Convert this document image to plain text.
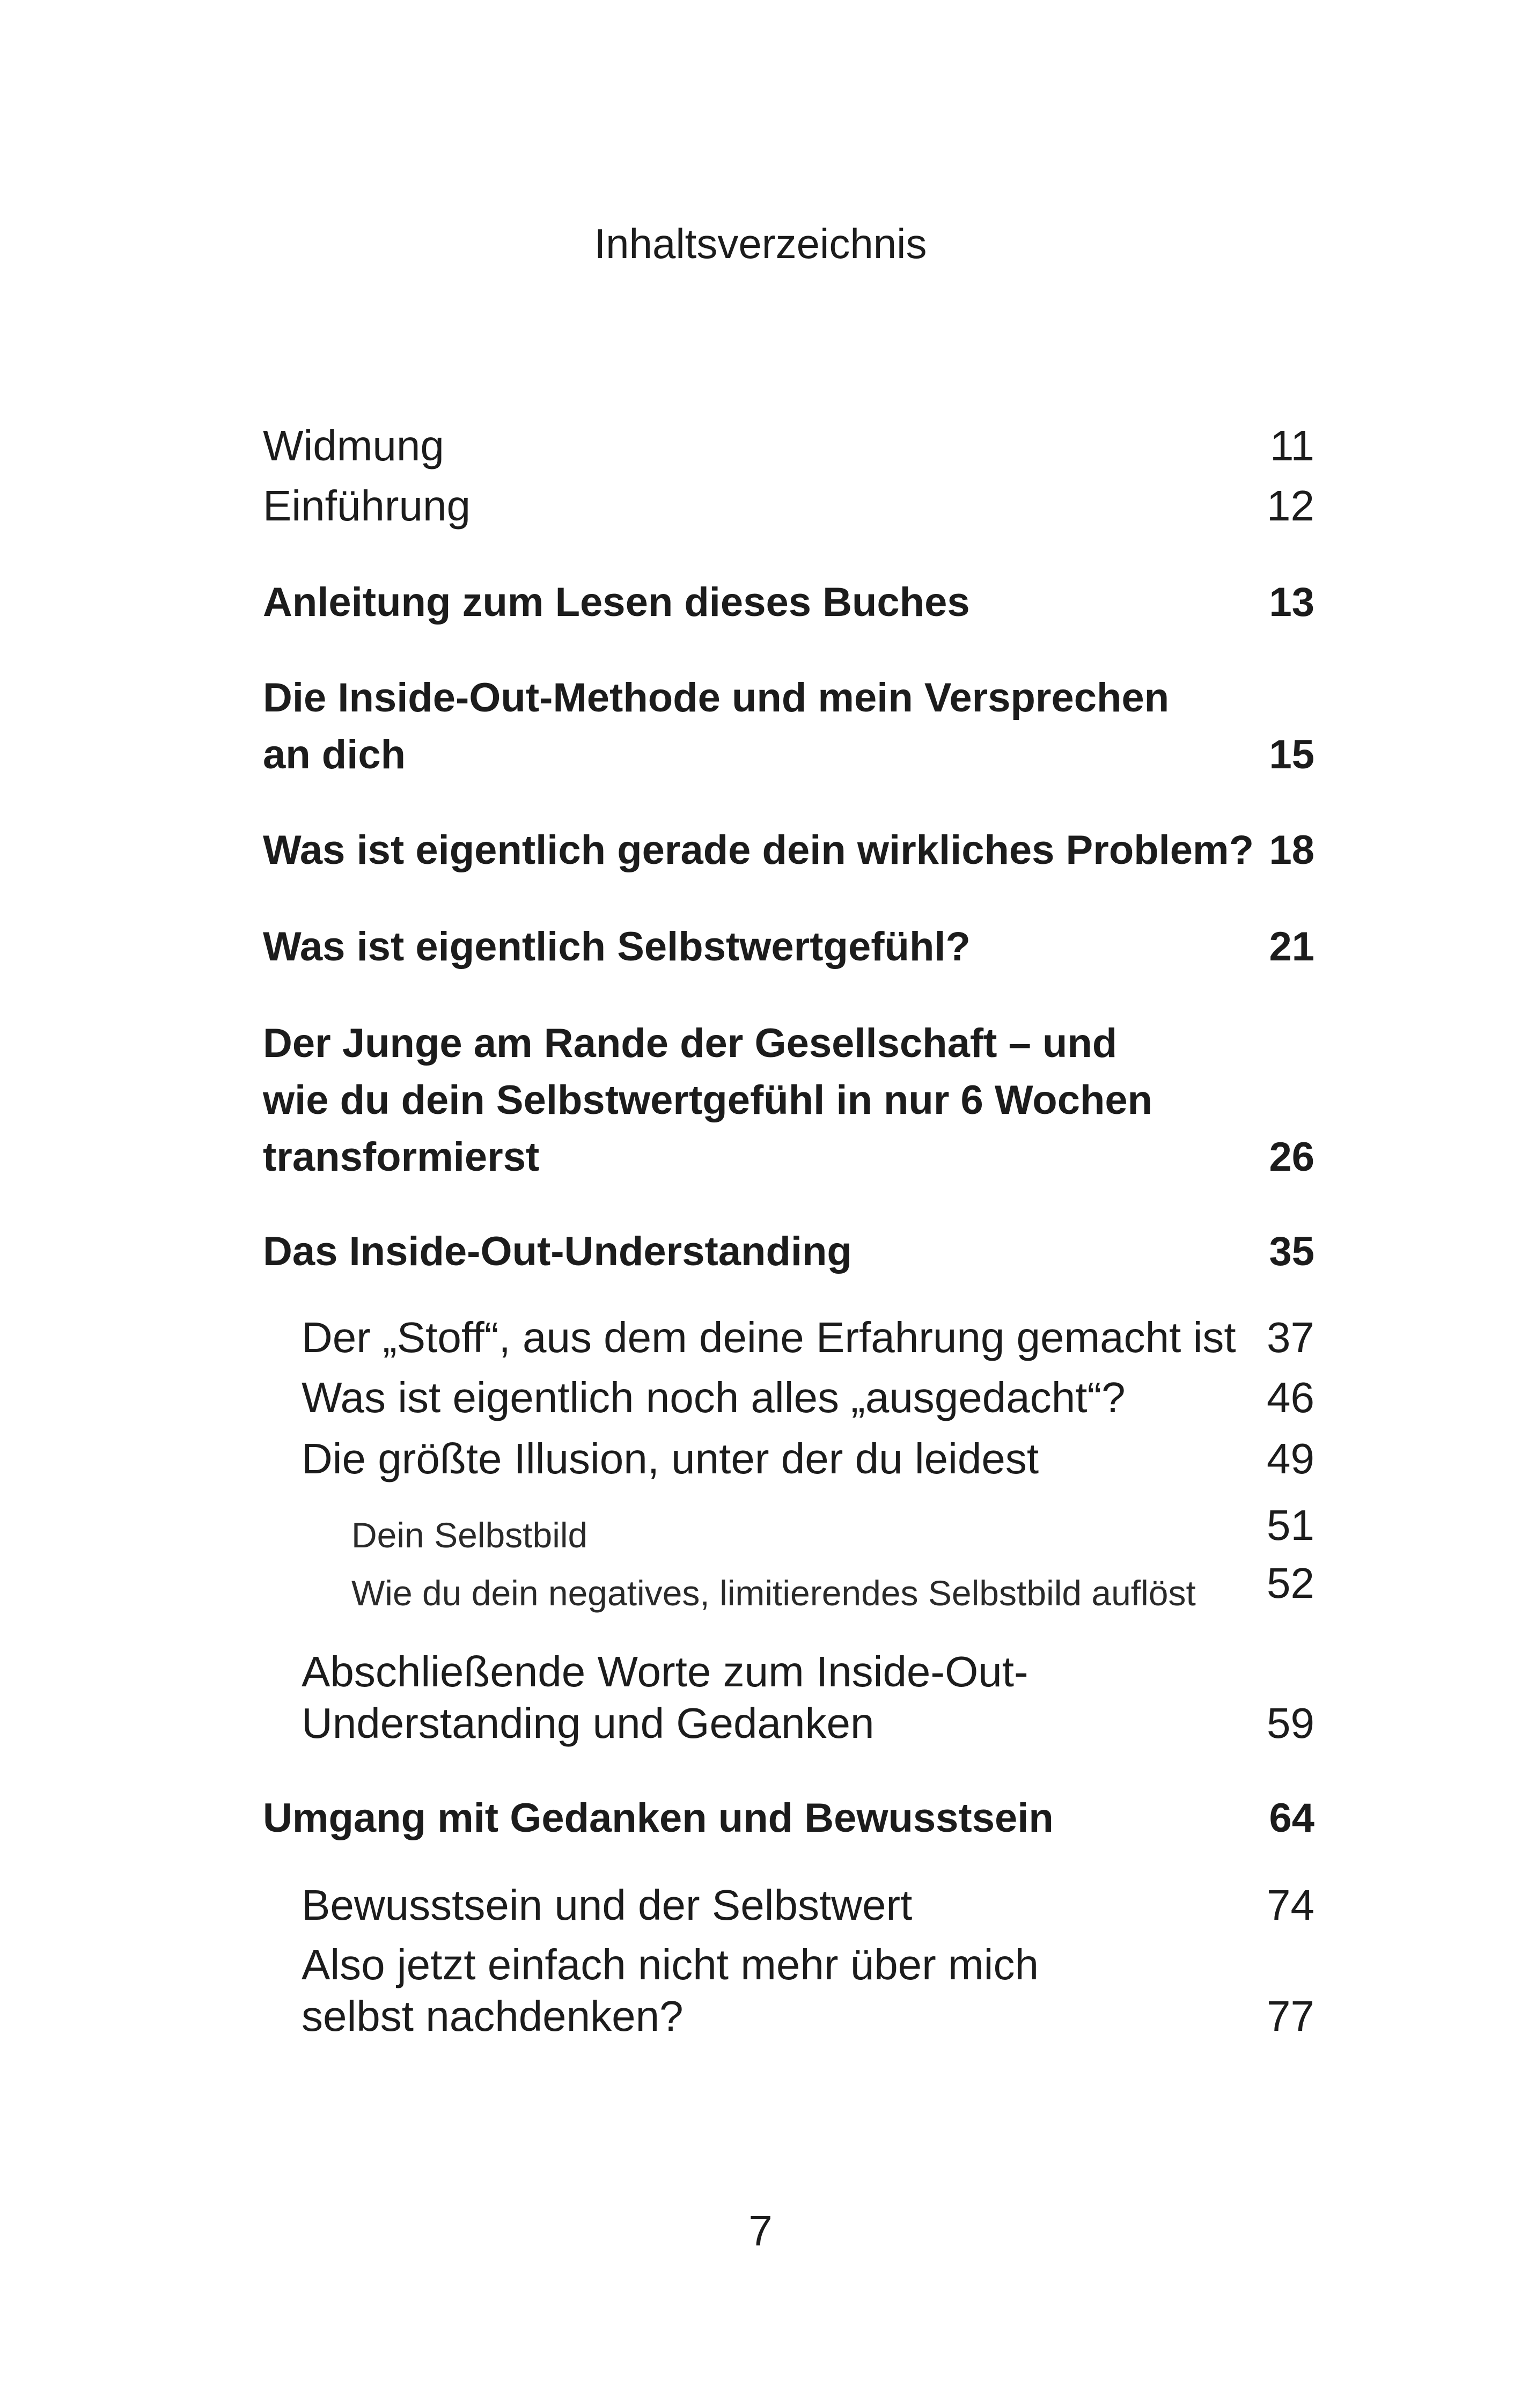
Inhaltsverzeichnis
Widmung	11
Einführung	12
Anleitung zum Lesen dieses Buches	13
Die Inside-Out-Methode und mein Versprechen
an dich	15
Was ist eigentlich gerade dein wirkliches Problem? 18
Was ist eigentlich Selbstwertgefühl?	21
Der Junge am Rande der Gesellschaft – und
wie du dein Selbstwertgefühl in nur 6 Wochen
transformierst	26
Das Inside-Out-Understanding	35
Der „Stoff“, aus dem deine Erfahrung gemacht ist 37
Was ist eigentlich noch alles „ausgedacht“?	46
Die größte Illusion, unter der du leidest	49
Dein Selbstbild	51
Wie du dein negatives, limitierendes Selbstbild auflöst 52
Abschließende Worte zum Inside-Out-
Understanding und Gedanken	59
Umgang mit Gedanken und Bewusstsein	64
Bewusstsein und der Selbstwert	74
Also jetzt einfach nicht mehr über mich
selbst nachdenken?	77
7
